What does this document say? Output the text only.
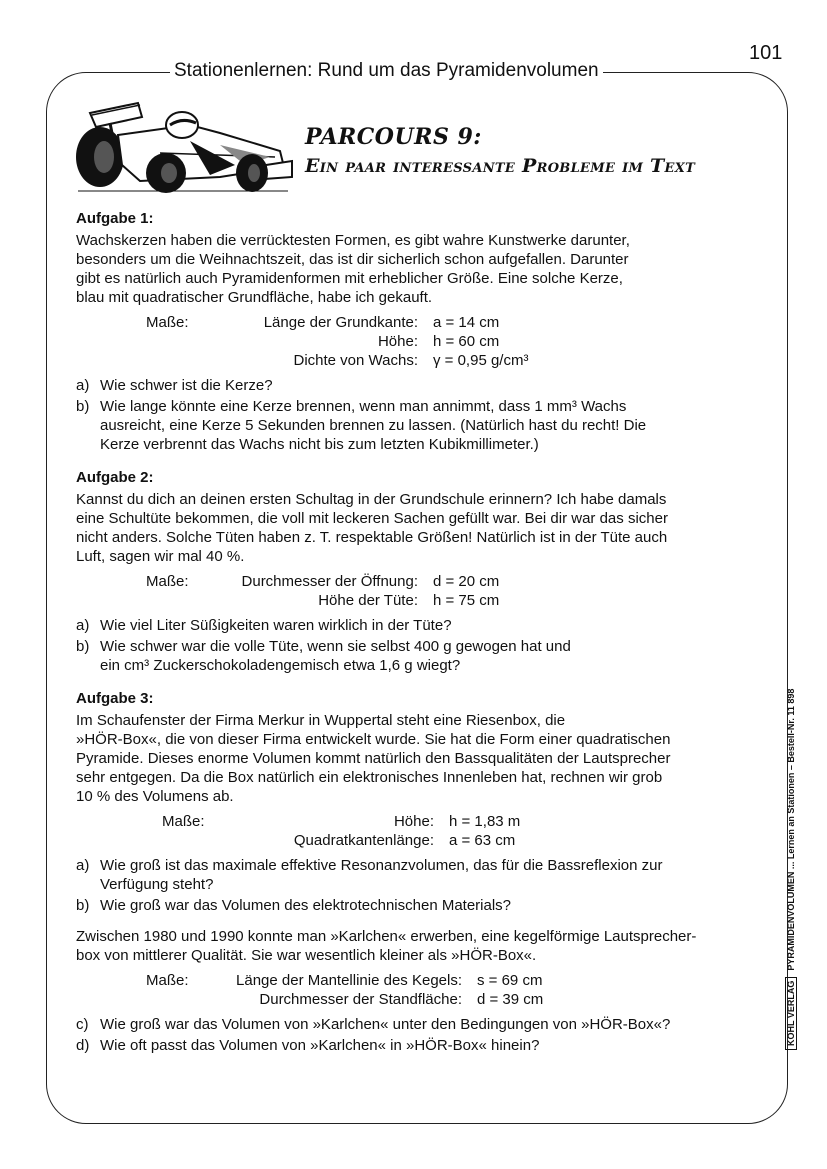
Stationenlernen: Rund um das Pyramidenvolumen
101
PARCOURS 9:
Ein paar interessante Probleme im Text
KOHL VERLAGPYRAMIDENVOLUMEN ... Lernen an Stationen – Bestell-Nr. 11 898
Aufgabe 1:

Wachskerzen haben die verrücktesten Formen, es gibt wahre Kunstwerke darunter,

besonders um die Weihnachtszeit, das ist dir sicherlich schon aufgefallen. Darunter

gibt es natürlich auch Pyramidenformen mit erheblicher Größe. Eine solche Kerze,

blau mit quadratischer Grundfläche, habe ich gekauft.

Maße:	Länge der Grundkante: a = 14 cm
Höhe: h = 60 cm
Dichte von Wachs: γ = 0,95 g/cm³
a) Wie schwer ist die Kerze?
b) Wie lange könnte eine Kerze brennen, wenn man annimmt, dass 1 mm³ Wachs
ausreicht, eine Kerze 5 Sekunden brennen zu lassen. (Natürlich hast du recht! Die
Kerze verbrennt das Wachs nicht bis zum letzten Kubikmillimeter.)
Aufgabe 2:

Kannst du dich an deinen ersten Schultag in der Grundschule erinnern? Ich habe damals

eine Schultüte bekommen, die voll mit leckeren Sachen gefüllt war. Bei dir war das sicher

nicht anders. Solche Tüten haben z. T. respektable Größen! Natürlich ist in der Tüte auch

Luft, sagen wir mal 40 %.

Maße:	Durchmesser der Öffnung: d = 20 cm
Höhe der Tüte: h = 75 cm
a) Wie viel Liter Süßigkeiten waren wirklich in der Tüte?
b) Wie schwer war die volle Tüte, wenn sie selbst 400 g gewogen hat und
ein cm³ Zuckerschokoladengemisch etwa 1,6 g wiegt?
Aufgabe 3:

Im Schaufenster der Firma Merkur in Wuppertal steht eine Riesenbox, die

»HÖR-Box«, die von dieser Firma entwickelt wurde. Sie hat die Form einer quadratischen

Pyramide. Dieses enorme Volumen kommt natürlich den Bassqualitäten der Lautsprecher

sehr entgegen. Da die Box natürlich ein elektronisches Innenleben hat, rechnen wir grob

10 % des Volumens ab.

Maße:	Höhe: h = 1,83 m
Quadratkantenlänge: a = 63 cm
a) Wie groß ist das maximale effektive Resonanzvolumen, das für die Bassreflexion zur
Verfügung steht?
b) Wie groß war das Volumen des elektrotechnischen Materials?

Zwischen 1980 und 1990 konnte man »Karlchen« erwerben, eine kegelförmige Lautsprecher-

box von mittlerer Qualität. Sie war wesentlich kleiner als »HÖR-Box«.

Maße:	Länge der Mantellinie des Kegels: s = 69 cm
Durchmesser der Standfläche: d = 39 cm
c) Wie groß war das Volumen von »Karlchen« unter den Bedingungen von »HÖR-Box«?
d) Wie oft passt das Volumen von »Karlchen« in »HÖR-Box« hinein?
